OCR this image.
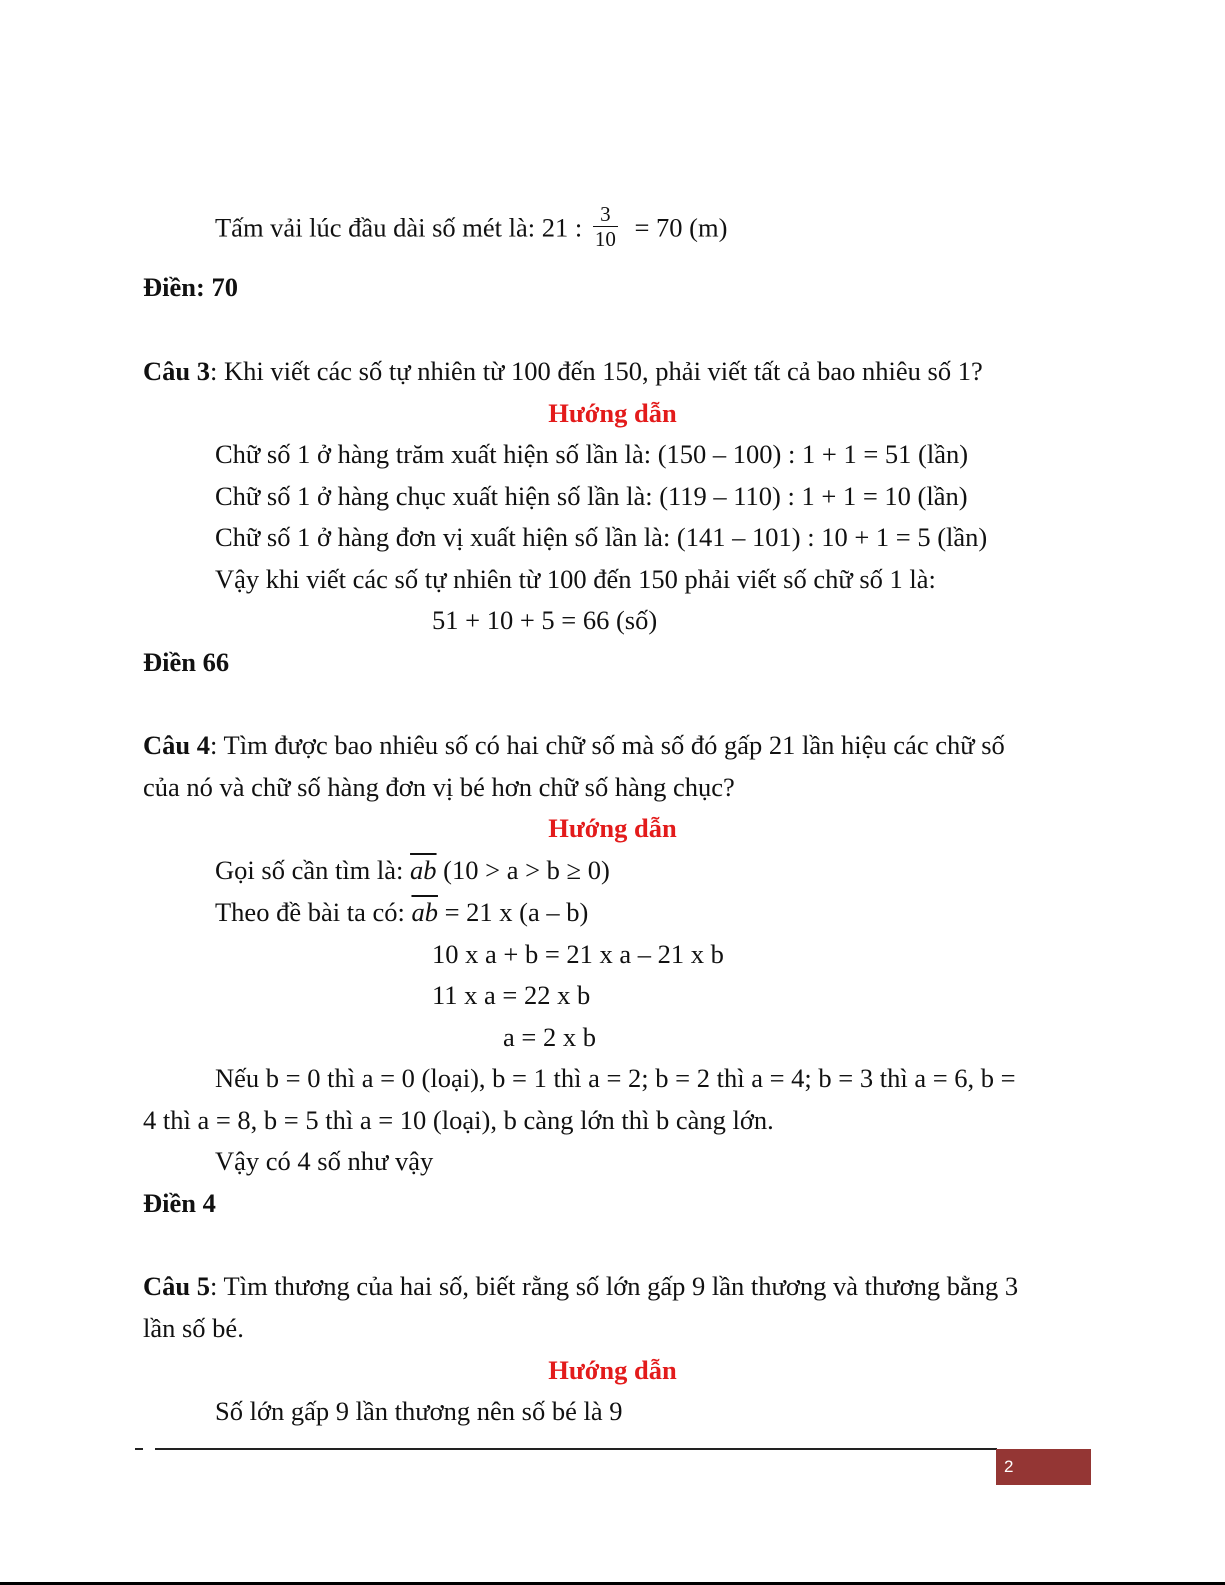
Tấm vải lúc đầu dài số mét là: 21 : $\frac{3}{10} = 70$ (m)
Điền: 70
Câu 3: Khi viết các số tự nhiên từ 100 đến 150, phải viết tất cả bao nhiêu số 1?
Hướng dẫn
Chữ số 1 ở hàng trăm xuất hiện số lần là: (150 – 100) : 1 + 1 = 51 (lần)
Chữ số 1 ở hàng chục xuất hiện số lần là: (119 – 110) : 1 + 1 = 10 (lần)
Chữ số 1 ở hàng đơn vị xuất hiện số lần là: (141 – 101) : 10 + 1 = 5 (lần)
Vậy khi viết các số tự nhiên từ 100 đến 150 phải viết số chữ số 1 là:
51 + 10 + 5 = 66 (số)
Điền 66
Câu 4: Tìm được bao nhiêu số có hai chữ số mà số đó gấp 21 lần hiệu các chữ số
của nó và chữ số hàng đơn vị bé hơn chữ số hàng chục?
Hướng dẫn
Gọi số cần tìm là: $\overline{ab}$ (10 > a > b ≥ 0)
Theo đề bài ta có: $\overline{ab} = 21$ x (a – b)
10 x a + b = 21 x a – 21 x b
11 x a = 22 x b
a = 2 x b
Nếu b = 0 thì a = 0 (loại), b = 1 thì a = 2; b = 2 thì a = 4; b = 3 thì a = 6, b =
4 thì a = 8, b = 5 thì a = 10 (loại), b càng lớn thì b càng lớn.
Vậy có 4 số như vậy
Điền 4
Câu 5: Tìm thương của hai số, biết rằng số lớn gấp 9 lần thương và thương bằng 3
lần số bé.
Hướng dẫn
Số lớn gấp 9 lần thương nên số bé là 9
2
